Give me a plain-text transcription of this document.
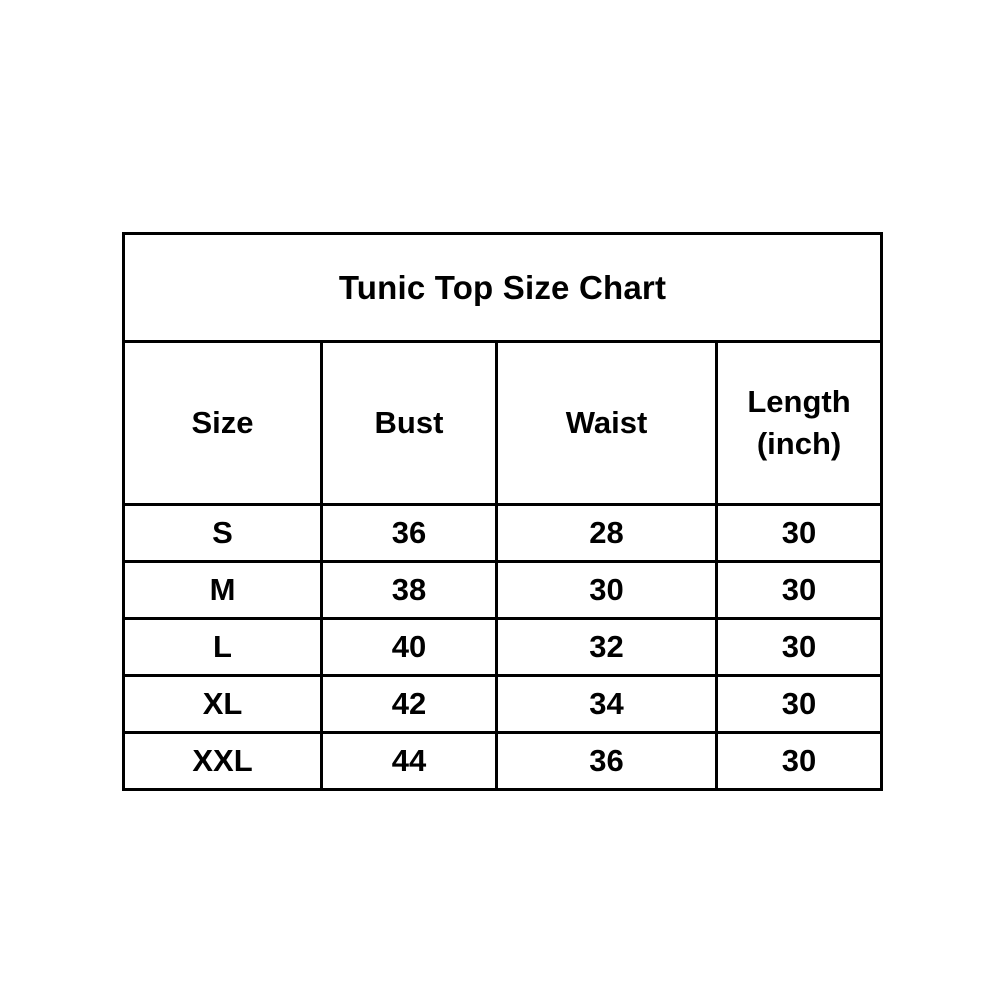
Tunic Top Size Chart			
Size	Bust	Waist	Length (inch)
S	36	28	30
M	38	30	30
L	40	32	30
XL	42	34	30
XXL	44	36	30
